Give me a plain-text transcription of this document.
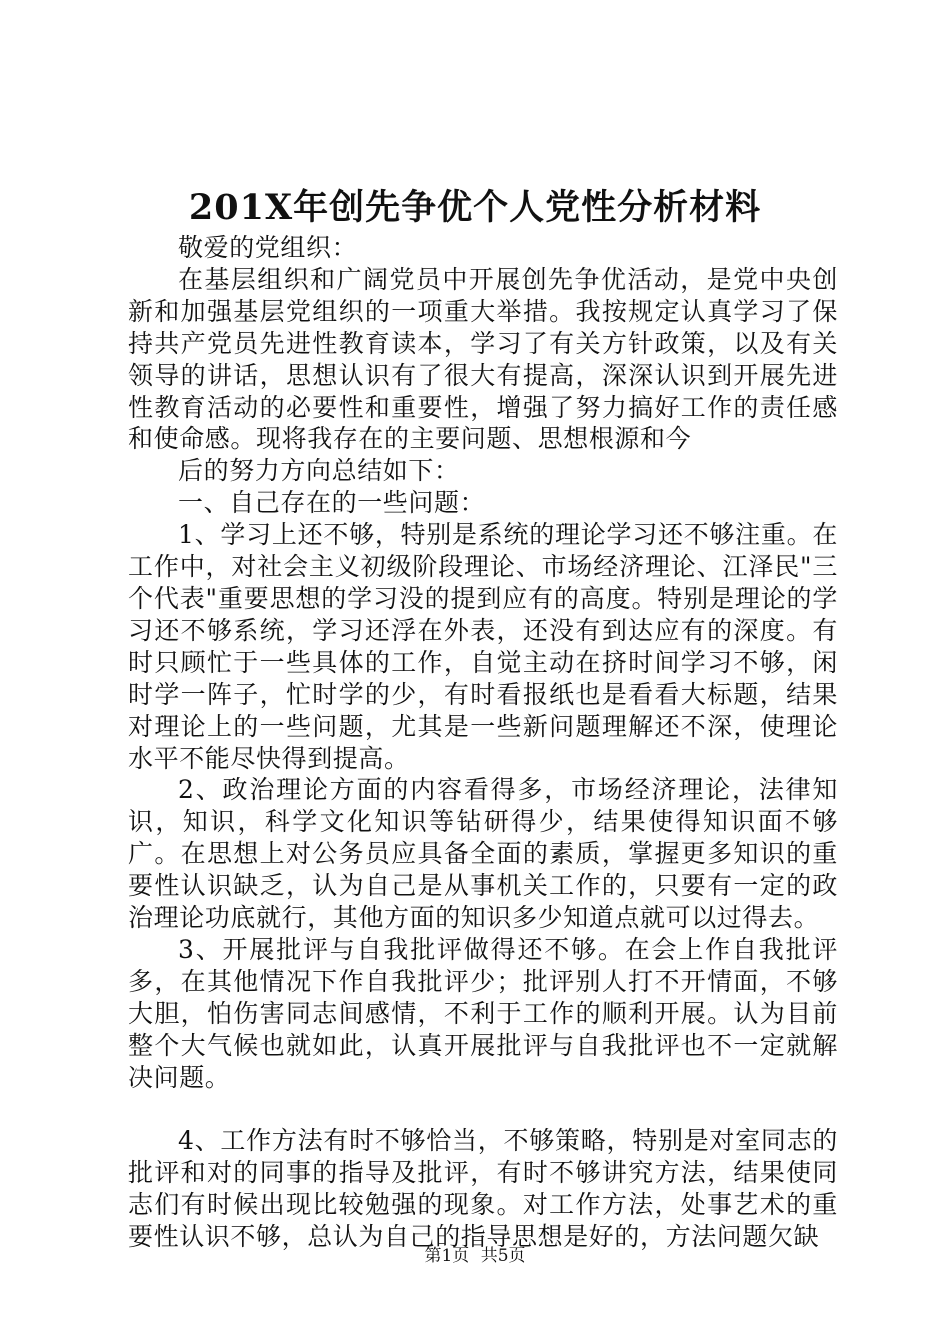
201X年创先争优个人党性分析材料

敬爱的党组织：

在基层组织和广阔党员中开展创先争优活动，是党中央创新和加强基层党组织的一项重大举措。我按规定认真学习了保持共产党员先进性教育读本，学习了有关方针政策，以及有关领导的讲话，思想认识有了很大有提高，深深认识到开展先进性教育活动的必要性和重要性，增强了努力搞好工作的责任感和使命感。现将我存在的主要问题、思想根源和今

后的努力方向总结如下：

一、自己存在的一些问题：

1、学习上还不够，特别是系统的理论学习还不够注重。在工作中，对社会主义初级阶段理论、市场经济理论、江泽民"三个代表"重要思想的学习没的提到应有的高度。特别是理论的学习还不够系统，学习还浮在外表，还没有到达应有的深度。有时只顾忙于一些具体的工作，自觉主动在挤时间学习不够，闲时学一阵子，忙时学的少，有时看报纸也是看看大标题，结果对理论上的一些问题，尤其是一些新问题理解还不深，使理论水平不能尽快得到提高。

2、政治理论方面的内容看得多，市场经济理论，法律知识，知识，科学文化知识等钻研得少，结果使得知识面不够广。在思想上对公务员应具备全面的素质，掌握更多知识的重要性认识缺乏，认为自己是从事机关工作的，只要有一定的政治理论功底就行，其他方面的知识多少知道点就可以过得去。

3、开展批评与自我批评做得还不够。在会上作自我批评多，在其他情况下作自我批评少；批评别人打不开情面，不够大胆，怕伤害同志间感情，不利于工作的顺利开展。认为目前整个大气候也就如此，认真开展批评与自我批评也不一定就解决问题。

4、工作方法有时不够恰当，不够策略，特别是对室同志的批评和对的同事的指导及批评，有时不够讲究方法，结果使同志们有时候出现比较勉强的现象。对工作方法，处事艺术的重要性认识不够，总认为自己的指导思想是好的，方法问题欠缺

第1页 共5页
